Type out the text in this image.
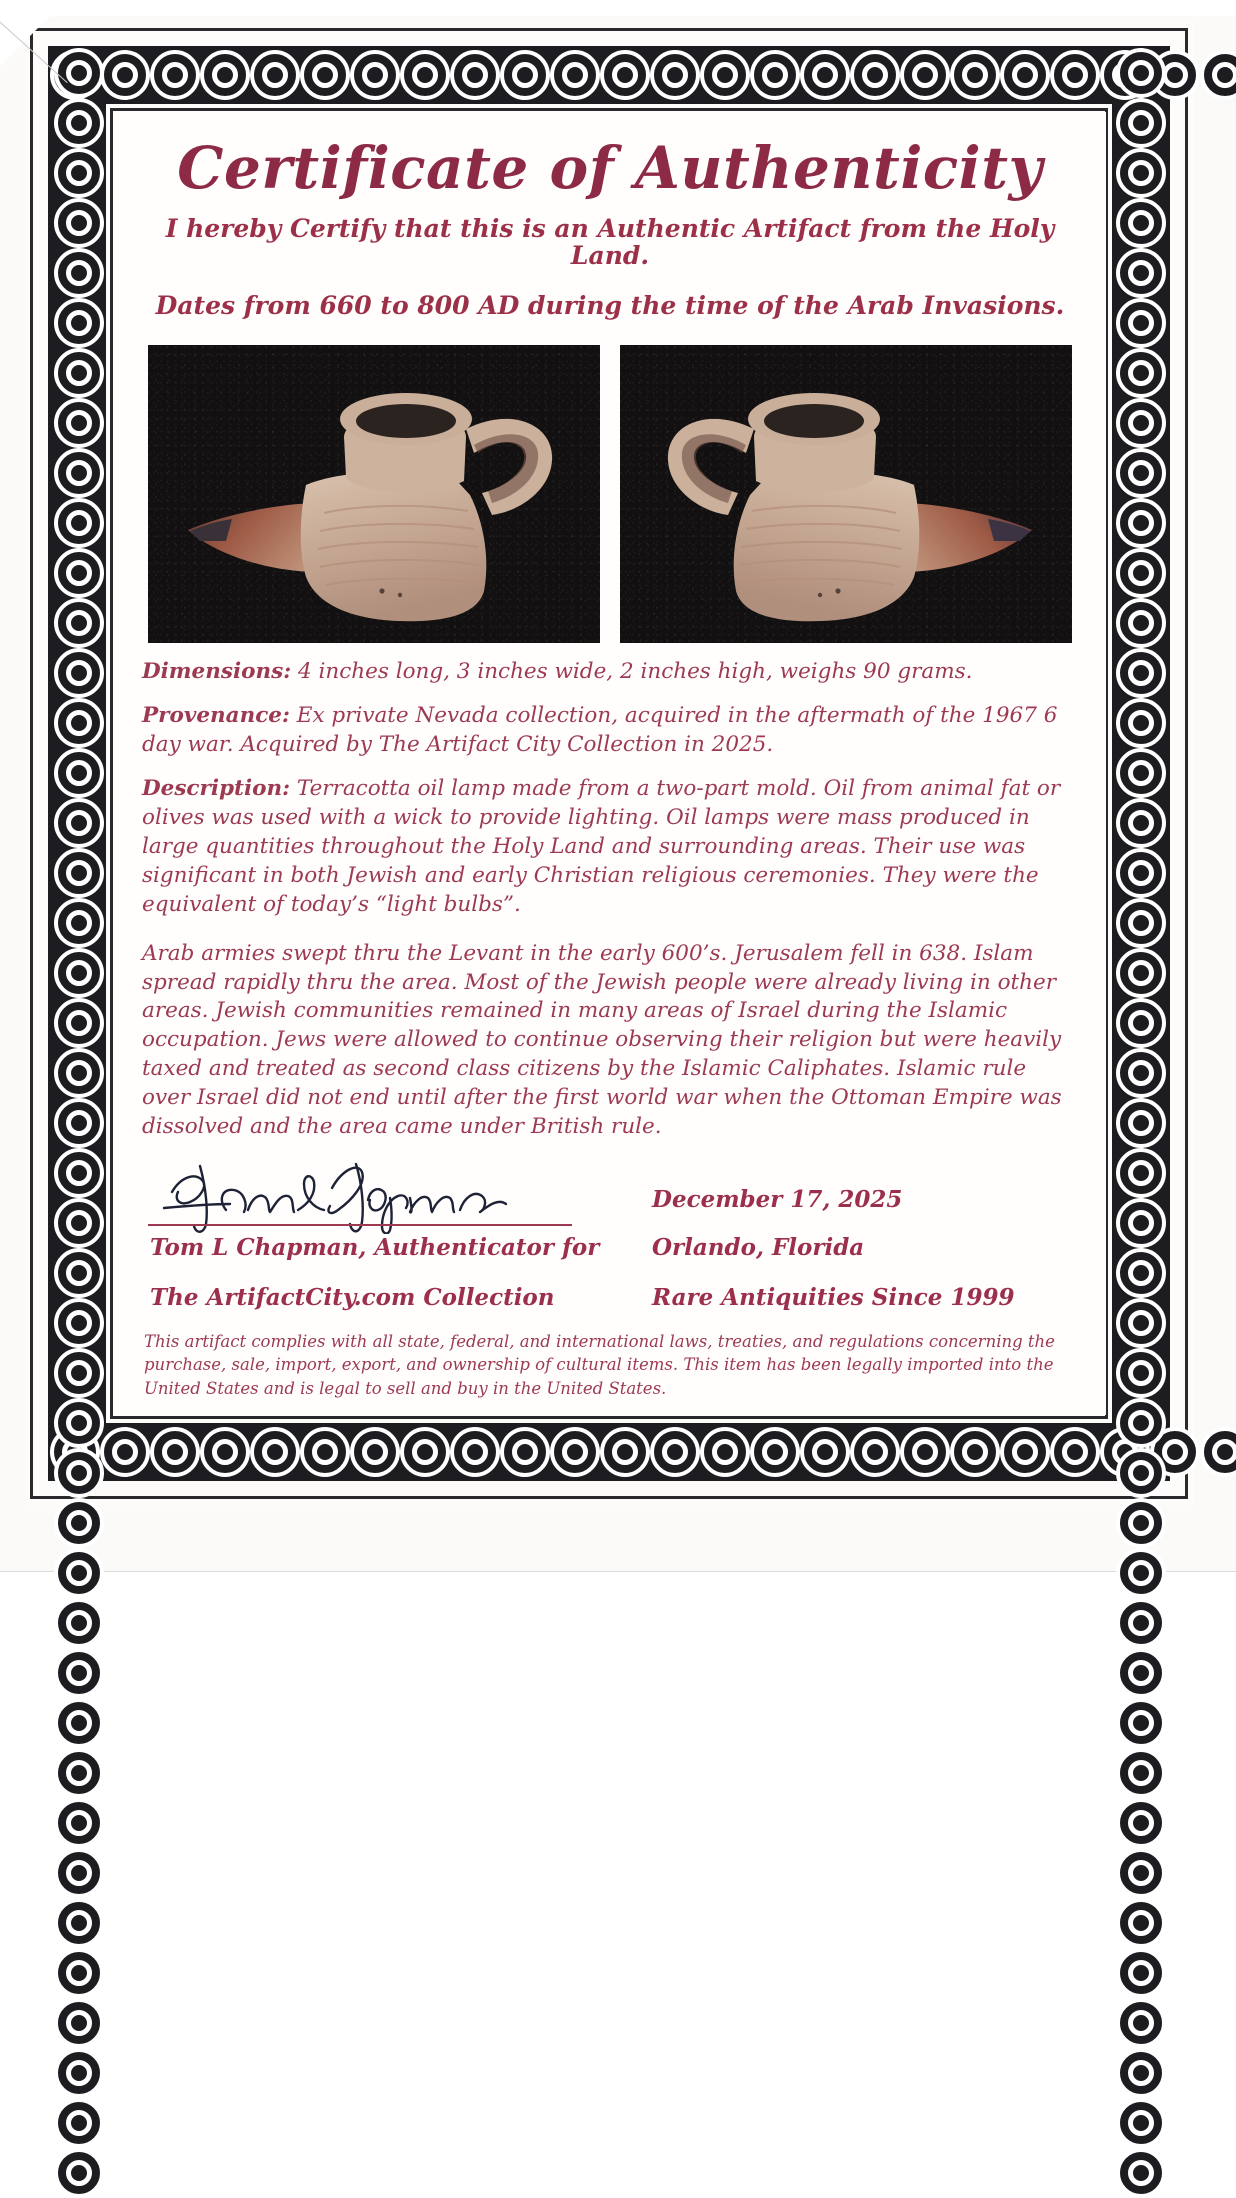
Certificate of Authenticity

I hereby Certify that this is an Authentic Artifact from the Holy Land.

Dates from 660 to 800 AD during the time of the Arab Invasions.

Dimensions: 4 inches long, 3 inches wide, 2 inches high, weighs 90 grams.

Provenance: Ex private Nevada collection, acquired in the aftermath of the 1967 6 day war. Acquired by The Artifact City Collection in 2025.

Description: Terracotta oil lamp made from a two-part mold. Oil from animal fat or olives was used with a wick to provide lighting. Oil lamps were mass produced in large quantities throughout the Holy Land and surrounding areas. Their use was significant in both Jewish and early Christian religious ceremonies. They were the equivalent of today’s “light bulbs”.

Arab armies swept thru the Levant in the early 600’s. Jerusalem fell in 638. Islam spread rapidly thru the area. Most of the Jewish people were already living in other areas. Jewish communities remained in many areas of Israel during the Islamic occupation. Jews were allowed to continue observing their religion but were heavily taxed and treated as second class citizens by the Islamic Caliphates. Islamic rule over Israel did not end until after the first world war when the Ottoman Empire was dissolved and the area came under British rule.

Tom L Chapman, Authenticator for
The ArtifactCity.com Collection
December 17, 2025
Orlando, Florida
Rare Antiquities Since 1999

This artifact complies with all state, federal, and international laws, treaties, and regulations concerning the purchase, sale, import, export, and ownership of cultural items. This item has been legally imported into the United States and is legal to sell and buy in the United States.
